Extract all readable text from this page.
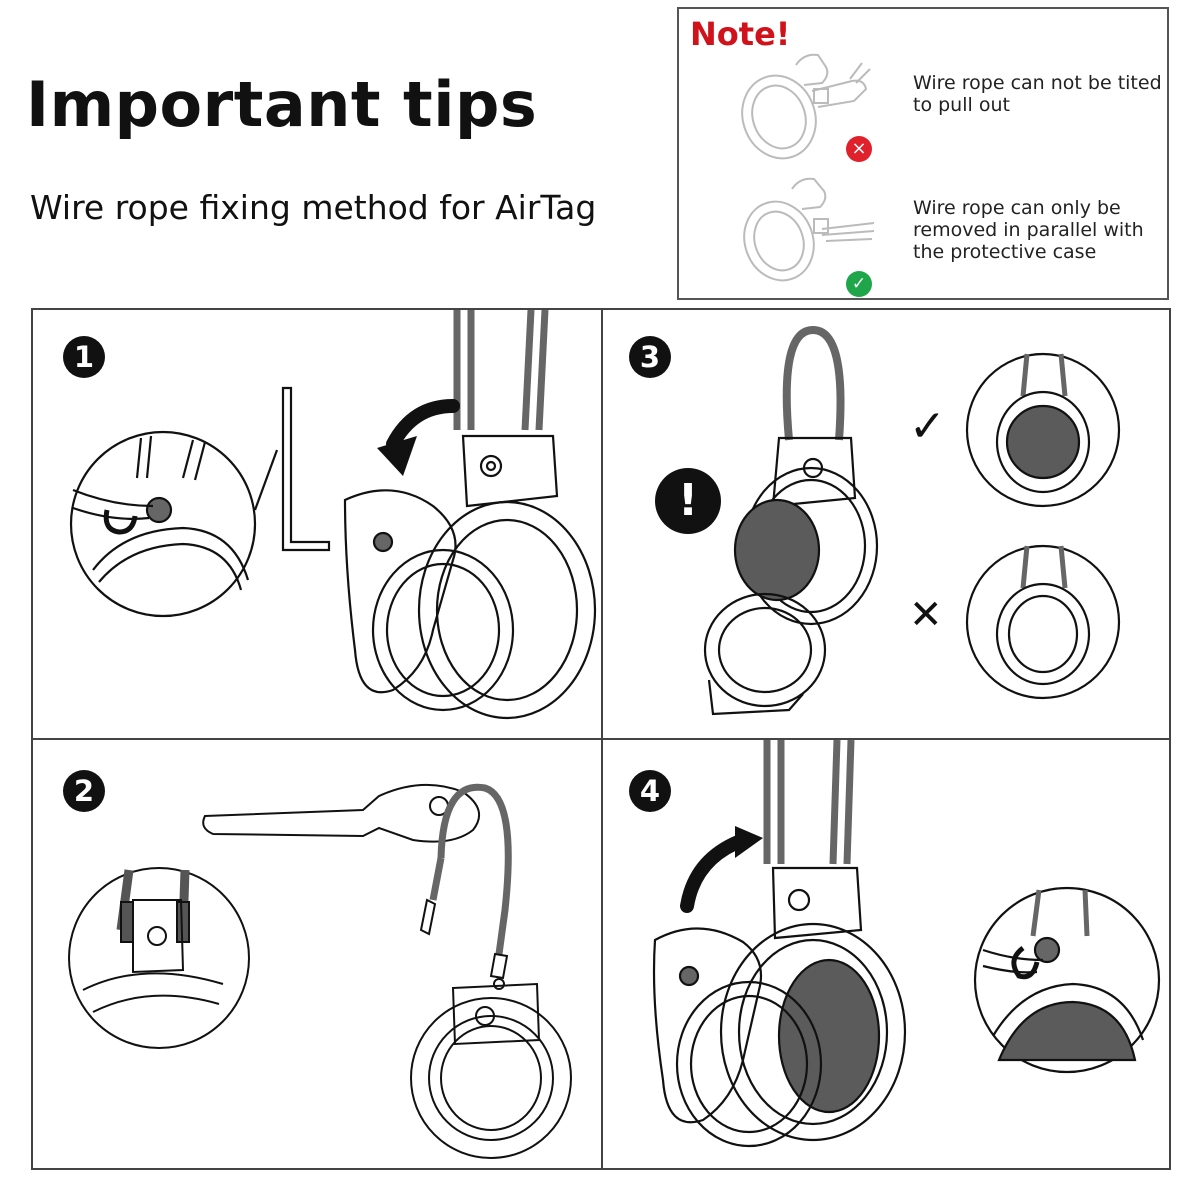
Important tips
Wire rope fixing method for AirTag
Note!
×
Wire rope can not be tited to pull out
✓
Wire rope can only be removed in parallel with the protective case
1	3
!
✓
✕
2	4
